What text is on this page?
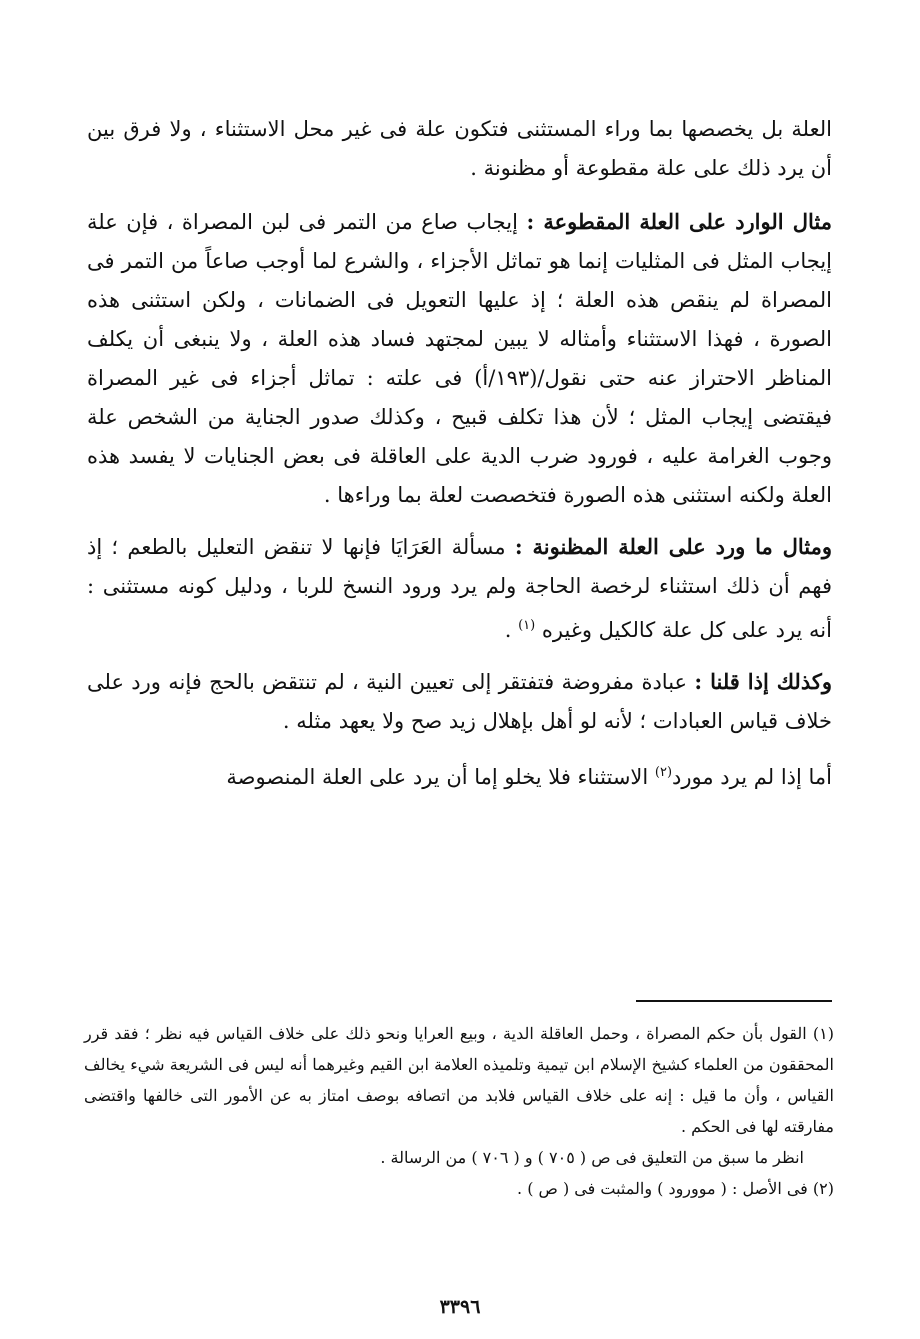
العلة بل يخصصها بما وراء المستثنى فتكون علة فى غير محل الاستثناء ، ولا فرق بين أن يرد ذلك على علة مقطوعة أو مظنونة .

مثال الوارد على العلة المقطوعة : إيجاب صاع من التمر فى لبن المصراة ، فإن علة إيجاب المثل فى المثليات إنما هو تماثل الأجزاء ، والشرع لما أوجب صاعاً من التمر فى المصراة لم ينقص هذه العلة ؛ إذ عليها التعويل فى الضمانات ، ولكن استثنى هذه الصورة ، فهذا الاستثناء وأمثاله لا يبين لمجتهد فساد هذه العلة ، ولا ينبغى أن يكلف المناظر الاحتراز عنه حتى نقول/(١٩٣/أ) فى علته : تماثل أجزاء فى غير المصراة فيقتضى إيجاب المثل ؛ لأن هذا تكلف قبيح ، وكذلك صدور الجناية من الشخص علة وجوب الغرامة عليه ، فورود ضرب الدية على العاقلة فى بعض الجنايات لا يفسد هذه العلة ولكنه استثنى هذه الصورة فتخصصت لعلة بما وراءها .

ومثال ما ورد على العلة المظنونة : مسألة العَرَايَا فإنها لا تنقض التعليل بالطعم ؛ إذ فهم أن ذلك استثناء لرخصة الحاجة ولم يرد ورود النسخ للربا ، ودليل كونه مستثنى : أنه يرد على كل علة كالكيل وغيره $^{(١)}$ .

وكذلك إذا قلنا : عبادة مفروضة فتفتقر إلى تعيين النية ، لم تنتقض بالحج فإنه ورد على خلاف قياس العبادات ؛ لأنه لو أهل بإهلال زيد صح ولا يعهد مثله .

أما إذا لم يرد مورد$^{(٢)}$ الاستثناء فلا يخلو إما أن يرد على العلة المنصوصة

(١) القول بأن حكم المصراة ، وحمل العاقلة الدية ، وبيع العرايا ونحو ذلك على خلاف القياس فيه نظر ؛ فقد قرر المحققون من العلماء كشيخ الإسلام ابن تيمية وتلميذه العلامة ابن القيم وغيرهما أنه ليس فى الشريعة شيء يخالف القياس ، وأن ما قيل : إنه على خلاف القياس فلابد من اتصافه بوصف امتاز به عن الأمور التى خالفها واقتضى مفارقته لها فى الحكم .

انظر ما سبق من التعليق فى ص ( ٧٠٥ ) و ( ٧٠٦ ) من الرسالة .

(٢) فى الأصل : ( موورود ) والمثبت فى ( ص ) .

٣٣٩٦
